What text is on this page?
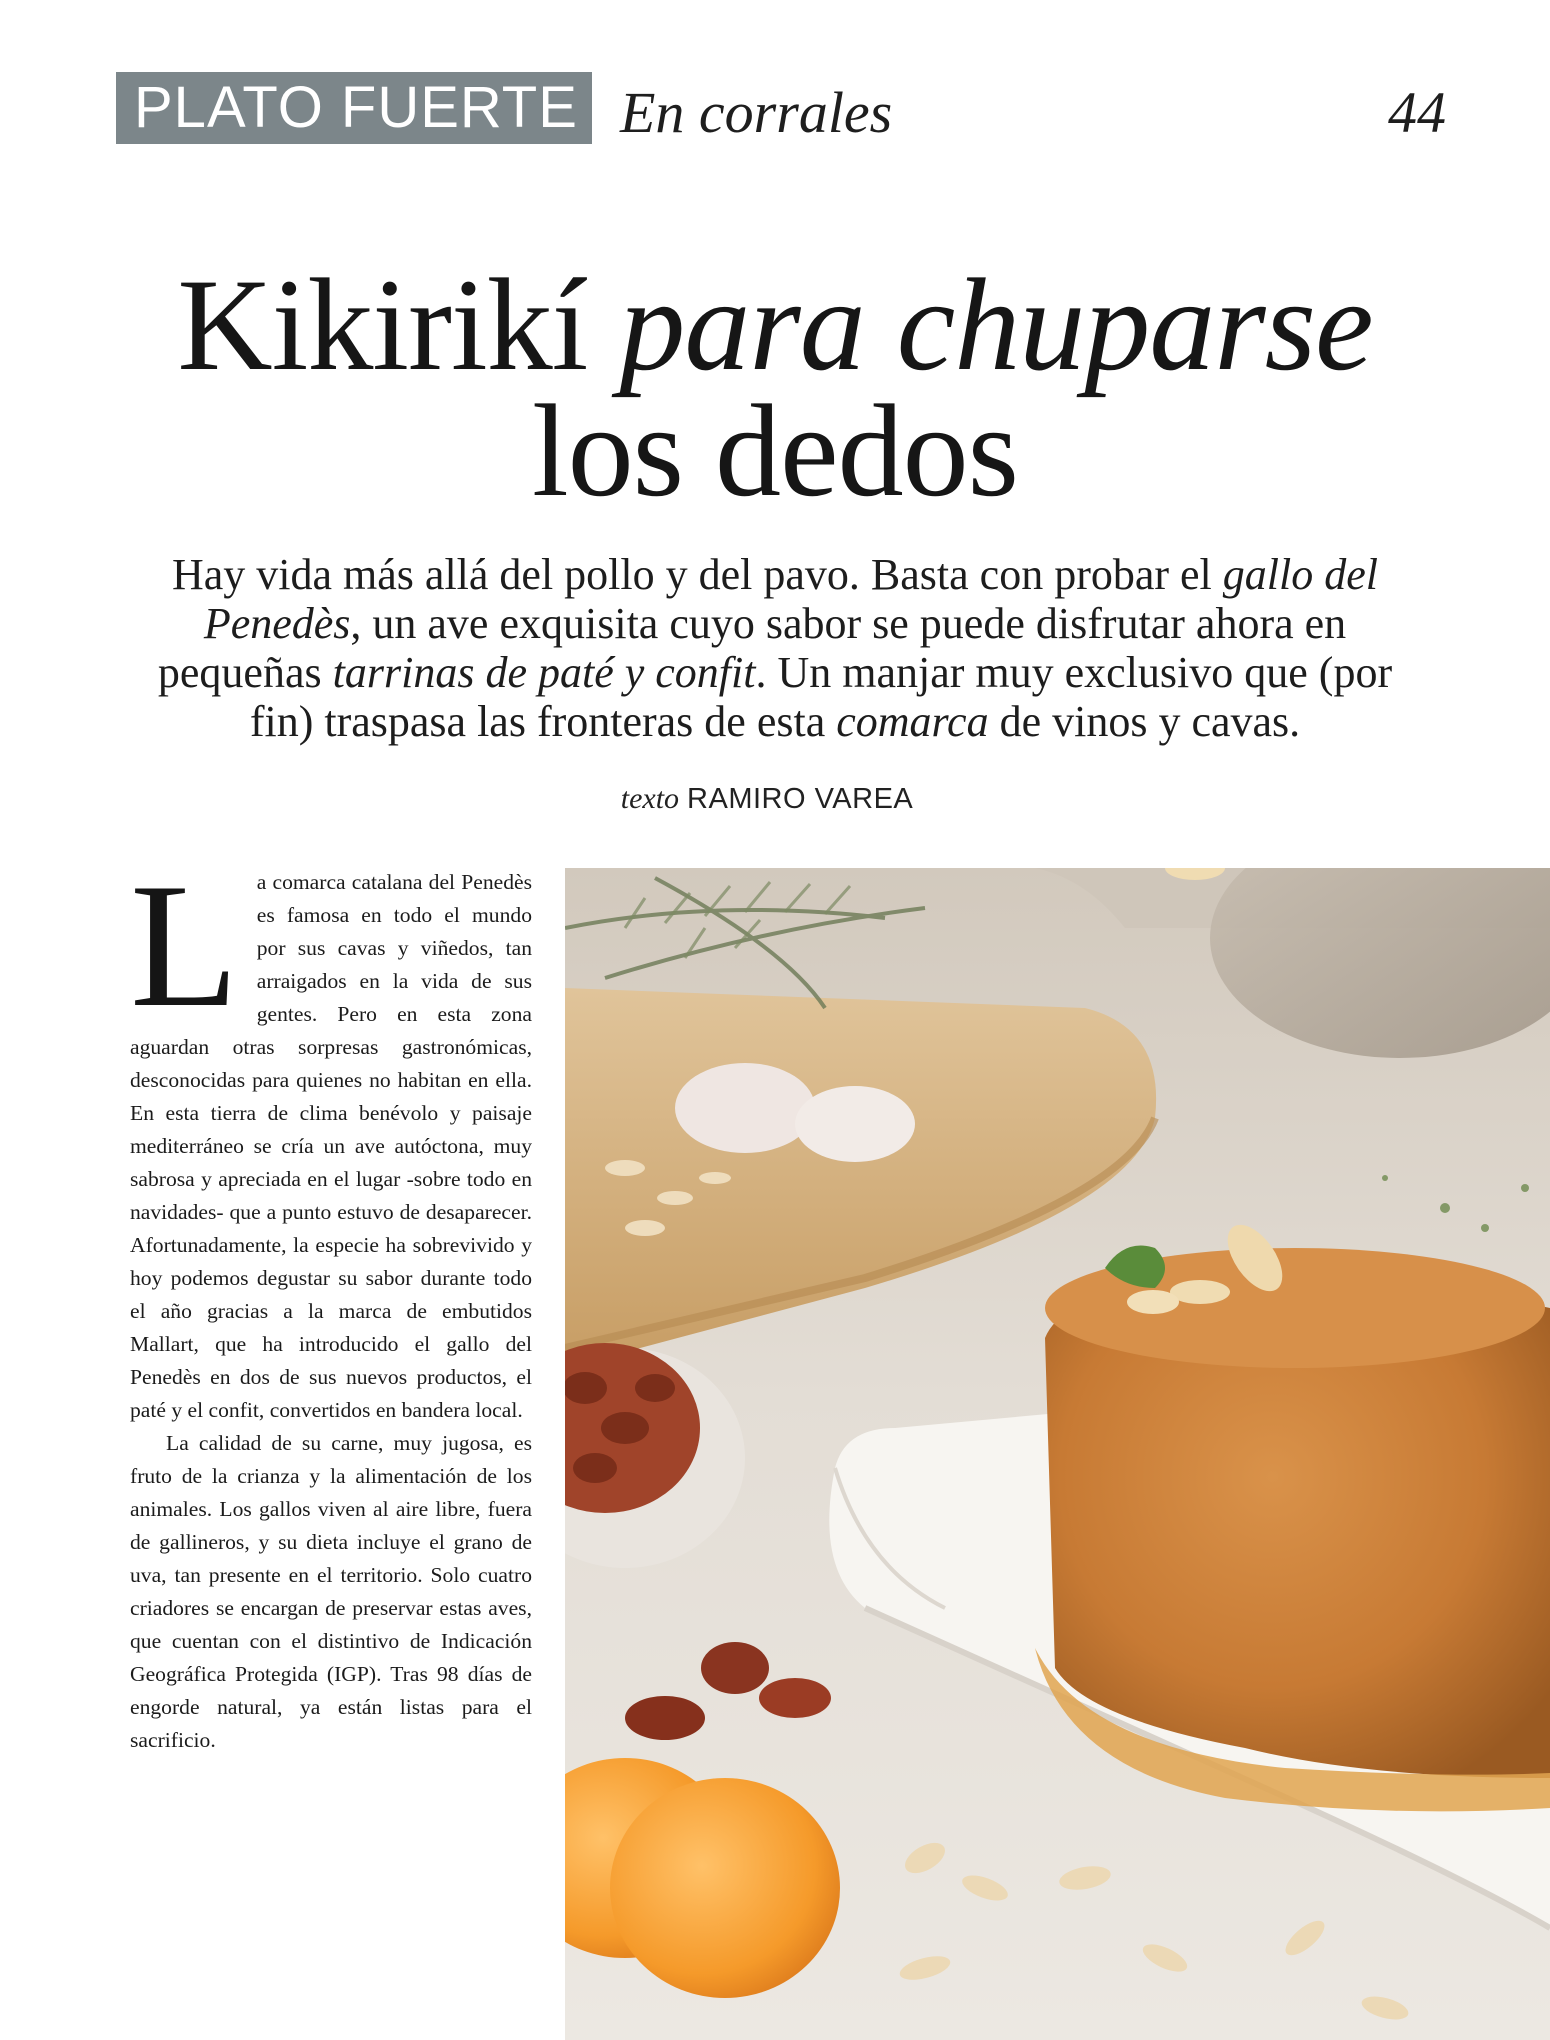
PLATO FUERTE En corrales	44
Kikirikí para chuparse
los dedos
Hay vida más allá del pollo y del pavo. Basta con probar el gallo del Penedès, un ave exquisita cuyo sabor se puede disfrutar ahora en pequeñas tarrinas de paté y confit. Un manjar muy exclusivo que (por fin) traspasa las fronteras de esta comarca de vinos y cavas.
texto RAMIRO VAREA

La comarca catalana del Penedès es famosa en todo el mundo por sus cavas y viñedos, tan arraigados en la vida de sus gentes. Pero en esta zona aguardan otras sorpresas gastronómicas, desconocidas para quienes no habitan en ella. En esta tierra de clima benévolo y paisaje mediterráneo se cría un ave autóctona, muy sabrosa y apreciada en el lugar -sobre todo en navidades- que a punto estuvo de desaparecer. Afortunadamente, la especie ha sobrevivido y hoy podemos degustar su sabor durante todo el año gracias a la marca de embutidos Mallart, que ha introducido el gallo del Penedès en dos de sus nuevos productos, el paté y el confit, convertidos en bandera local.

La calidad de su carne, muy jugosa, es fruto de la crianza y la alimentación de los animales. Los gallos viven al aire libre, fuera de gallineros, y su dieta incluye el grano de uva, tan presente en el territorio. Solo cuatro criadores se encargan de preservar estas aves, que cuentan con el distintivo de Indicación Geográfica Protegida (IGP). Tras 98 días de engorde natural, ya están listas para el sacrificio.
